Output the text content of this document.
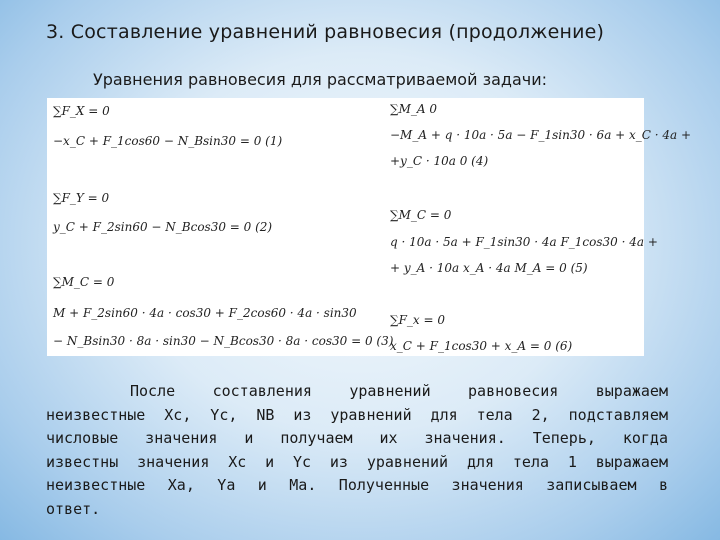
3. Составление уравнений равновесия (продолжение)
Уравнения равновесия для рассматриваемой задачи:
∑F_X = 0
−x_C + F_1cos60 − N_Bsin30 = 0 (1)
∑F_Y = 0
y_C + F_2sin60 − N_Bcos30 = 0 (2)
∑M_C = 0
M + F_2sin60 · 4a · cos30 + F_2cos60 · 4a · sin30
− N_Bsin30 · 8a · sin30 − N_Bcos30 · 8a · cos30 = 0 (3)
∑M_A 0
−M_A + q · 10a · 5a − F_1sin30 · 6a + x_C · 4a +
+y_C · 10a 0 (4)
∑M_C = 0
q · 10a · 5a + F_1sin30 · 4a F_1cos30 · 4a +
+ y_A · 10a x_A · 4a M_A = 0 (5)
∑F_x = 0
x_C + F_1cos30 + x_A = 0 (6)
После составления уравнений равновесия выражаем
неизвестные Xc, Yc, NB из уравнений для тела 2, подставляем
числовые значения и получаем их значения. Теперь, когда
известны значения Xc и Yc из уравнений для тела 1 выражаем
неизвестные Xa, Ya и Ma. Полученные значения записываем в
ответ.
